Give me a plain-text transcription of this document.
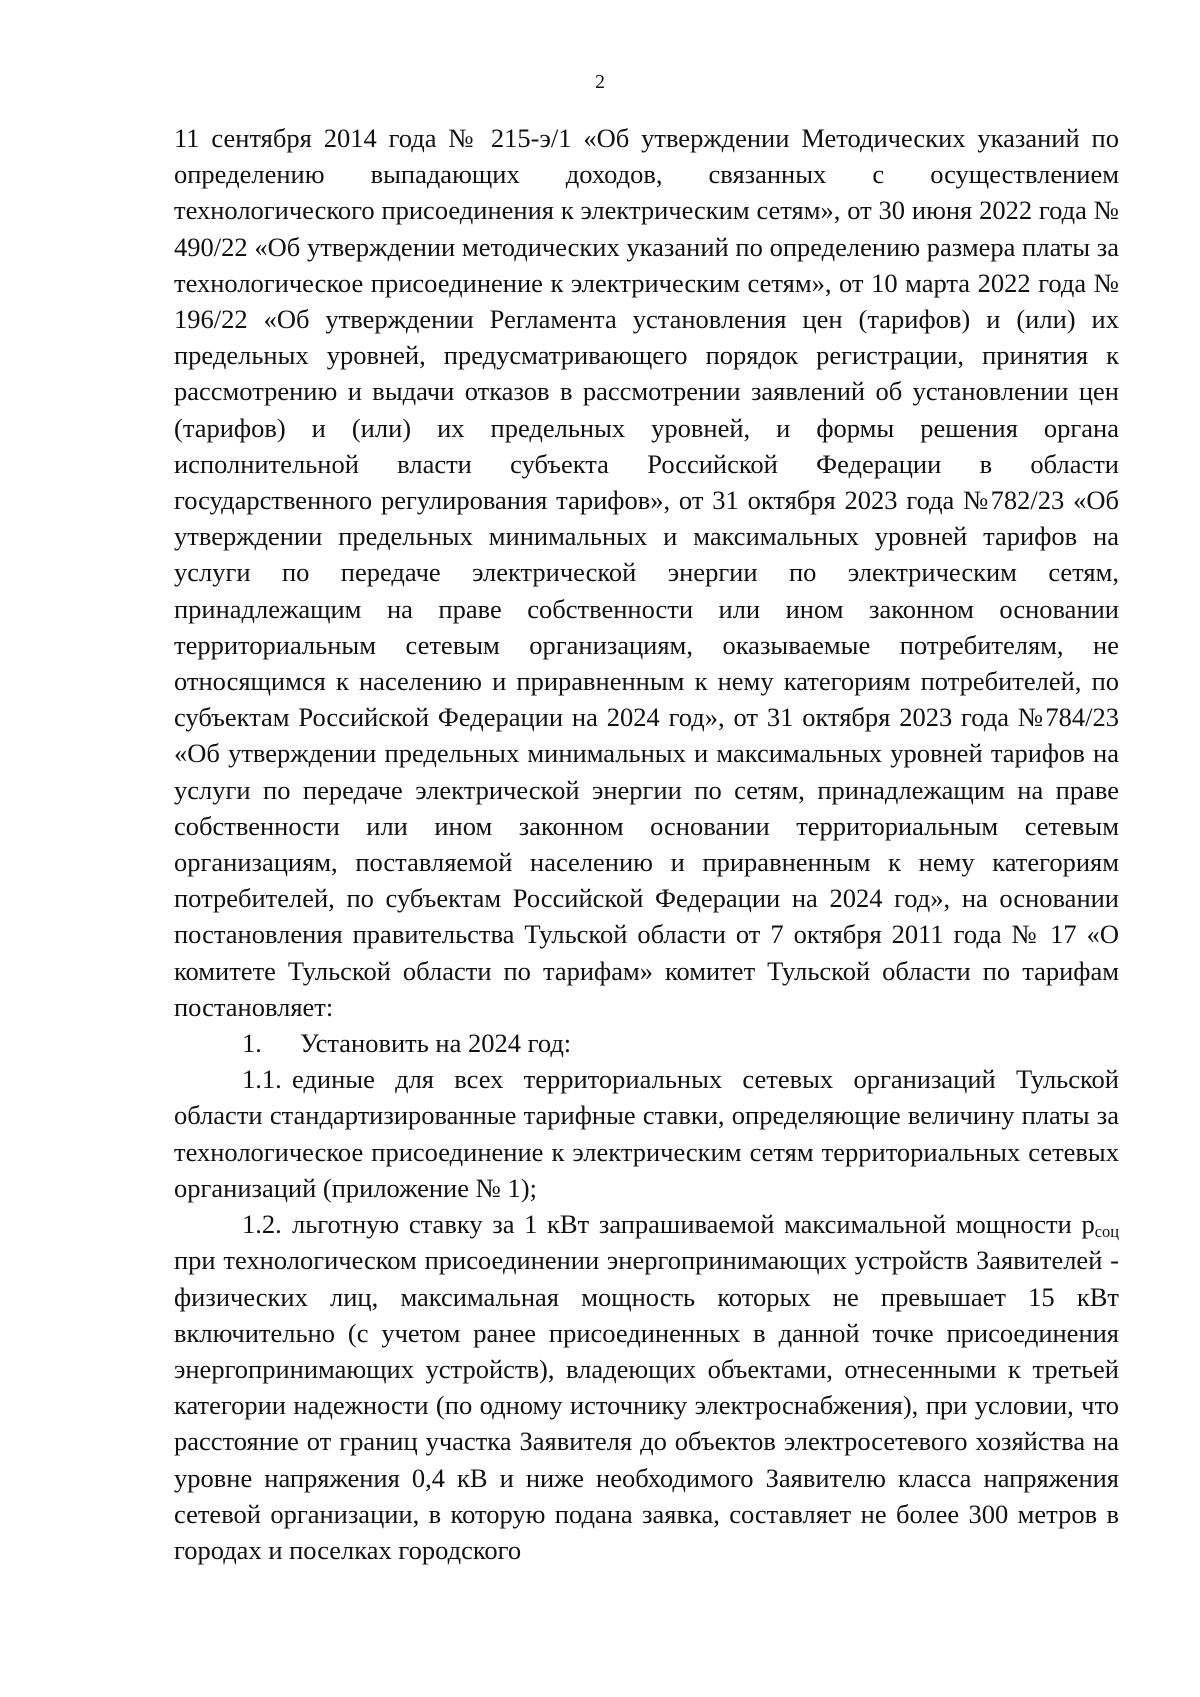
2

11 сентября 2014 года № 215-э/1 «Об утверждении Методических указаний по определению выпадающих доходов, связанных с осуществлением технологического присоединения к электрическим сетям», от 30 июня 2022 года № 490/22 «Об утверждении методических указаний по определению размера платы за технологическое присоединение к электрическим сетям», от 10 марта 2022 года № 196/22 «Об утверждении Регламента установления цен (тарифов) и (или) их предельных уровней, предусматривающего порядок регистрации, принятия к рассмотрению и выдачи отказов в рассмотрении заявлений об установлении цен (тарифов) и (или) их предельных уровней, и формы решения органа исполнительной власти субъекта Российской Федерации в области государственного регулирования тарифов», от 31 октября 2023 года №782/23 «Об утверждении предельных минимальных и максимальных уровней тарифов на услуги по передаче электрической энергии по электрическим сетям, принадлежащим на праве собственности или ином законном основании территориальным сетевым организациям, оказываемые потребителям, не относящимся к населению и приравненным к нему категориям потребителей, по субъектам Российской Федерации на 2024 год», от 31 октября 2023 года №784/23 «Об утверждении предельных минимальных и максимальных уровней тарифов на услуги по передаче электрической энергии по сетям, принадлежащим на праве собственности или ином законном основании территориальным сетевым организациям, поставляемой населению и приравненным к нему категориям потребителей, по субъектам Российской Федерации на 2024 год», на основании постановления правительства Тульской области от 7 октября 2011 года № 17 «О комитете Тульской области по тарифам» комитет Тульской области по тарифам постановляет:

1. Установить на 2024 год:

1.1. единые для всех территориальных сетевых организаций Тульской области стандартизированные тарифные ставки, определяющие величину платы за технологическое присоединение к электрическим сетям территориальных сетевых организаций (приложение № 1);

1.2. льготную ставку за 1 кВт запрашиваемой максимальной мощности $p_{соц}$ при технологическом присоединении энергопринимающих устройств Заявителей - физических лиц, максимальная мощность которых не превышает 15 кВт включительно (с учетом ранее присоединенных в данной точке присоединения энергопринимающих устройств), владеющих объектами, отнесенными к третьей категории надежности (по одному источнику электроснабжения), при условии, что расстояние от границ участка Заявителя до объектов электросетевого хозяйства на уровне напряжения 0,4 кВ и ниже необходимого Заявителю класса напряжения сетевой организации, в которую подана заявка, составляет не более 300 метров в городах и поселках городского
